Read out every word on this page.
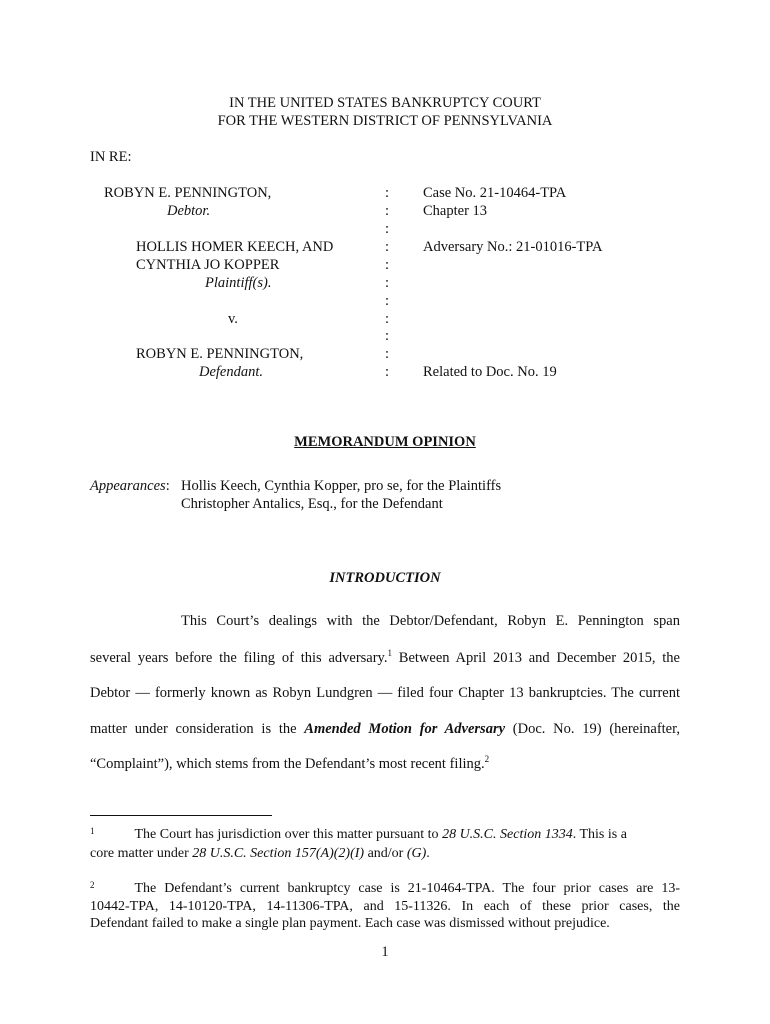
IN THE UNITED STATES BANKRUPTCY COURT
FOR THE WESTERN DISTRICT OF PENNSYLVANIA
IN RE:
ROBYN E. PENNINGTON,
Debtor.
HOLLIS HOMER KEECH, AND
CYNTHIA JO KOPPER
Plaintiff(s).
v.
ROBYN E. PENNINGTON,
Defendant.
:
:
:
:
:
:
:
:
:
:
:
Case No. 21-10464-TPA
Chapter 13
Adversary No.: 21-01016-TPA
Related to Doc. No. 19
MEMORANDUM OPINION
Appearances: Hollis Keech, Cynthia Kopper, pro se, for the Plaintiffs
Christopher Antalics, Esq., for the Defendant
INTRODUCTION
This Court’s dealings with the Debtor/Defendant, Robyn E. Pennington span
several years before the filing of this adversary.$^1$ Between April 2013 and December 2015, the
Debtor — formerly known as Robyn Lundgren — filed four Chapter 13 bankruptcies. The current
matter under consideration is the Amended Motion for Adversary (Doc. No. 19) (hereinafter,
“Complaint”), which stems from the Defendant’s most recent filing.$^2$
$^1$	The Court has jurisdiction over this matter pursuant to 28 U.S.C. Section 1334. This is a
core matter under 28 U.S.C. Section 157(A)(2)(I) and/or (G).
$^2$	The Defendant’s current bankruptcy case is 21-10464-TPA. The four prior cases are 13-
10442-TPA, 14-10120-TPA, 14-11306-TPA, and 15-11326. In each of these prior cases, the
Defendant failed to make a single plan payment. Each case was dismissed without prejudice.
1
